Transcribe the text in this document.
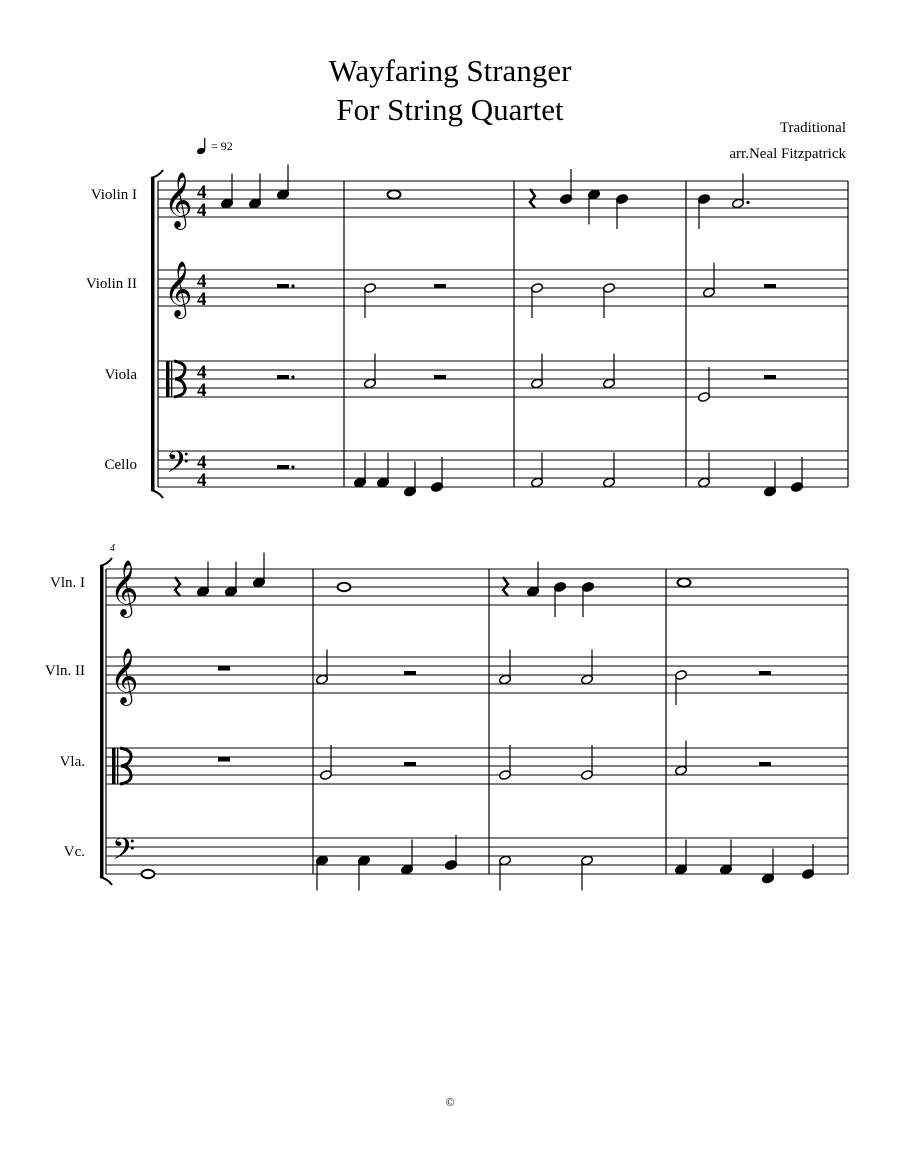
Wayfaring Stranger
For String Quartet
Traditional
arr.Neal Fitzpatrick
= 92
Violin I
Violin II
Viola
Cello
Vln. I
Vln. II
Vla.
Vc.
𝄞 4
4
𝄞 4
4
4
4
𝄢 4
4
𝄞
𝄞
𝄢
4
©
